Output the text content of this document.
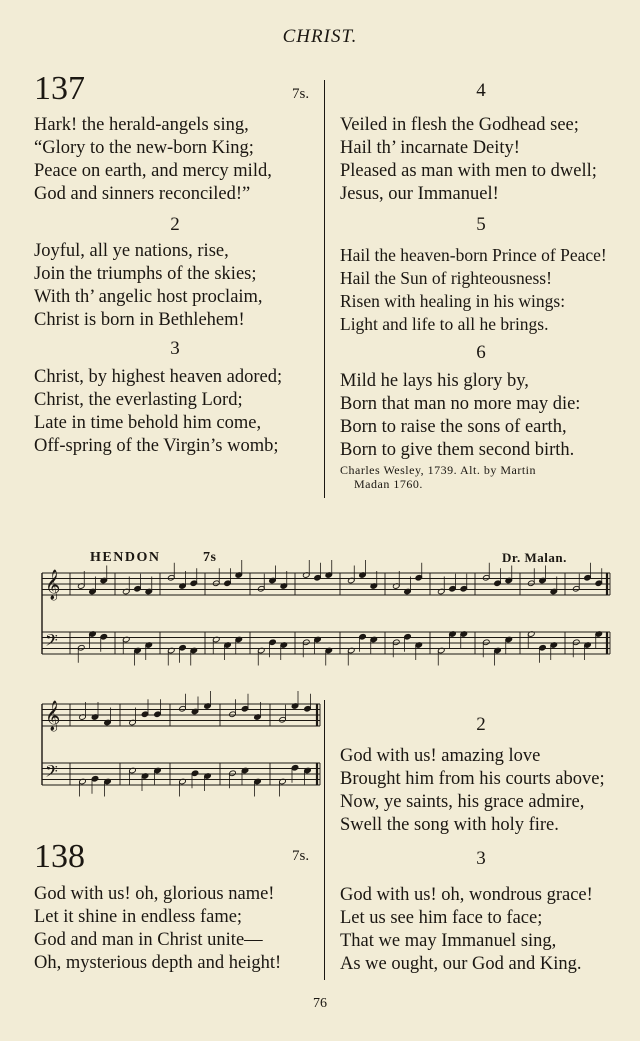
CHRIST.
137	7s.
Hark! the herald-angels sing,
“Glory to the new-born King;
Peace on earth, and mercy mild,
God and sinners reconciled!”
2
Joyful, all ye nations, rise,
Join the triumphs of the skies;
With th’ angelic host proclaim,
Christ is born in Bethlehem!
3
Christ, by highest heaven adored;
Christ, the everlasting Lord;
Late in time behold him come,
Off-spring of the Virgin’s womb;
4
Veiled in flesh the Godhead see;
Hail th’ incarnate Deity!
Pleased as man with men to dwell;
Jesus, our Immanuel!
5
Hail the heaven-born Prince of Peace!
Hail the Sun of righteousness!
Risen with healing in his wings:
Light and life to all he brings.
6
Mild he lays his glory by,
Born that man no more may die:
Born to raise the sons of earth,
Born to give them second birth.
Charles Wesley, 1739. Alt. by Martin
Madan 1760.
HENDON	7s	Dr. Malan.
𝄞
𝄢
𝄞
𝄢
138	7s.
God with us! oh, glorious name!
Let it shine in endless fame;
God and man in Christ unite—
Oh, mysterious depth and height!
2
God with us! amazing love
Brought him from his courts above;
Now, ye saints, his grace admire,
Swell the song with holy fire.
3
God with us! oh, wondrous grace!
Let us see him face to face;
That we may Immanuel sing,
As we ought, our God and King.
76
